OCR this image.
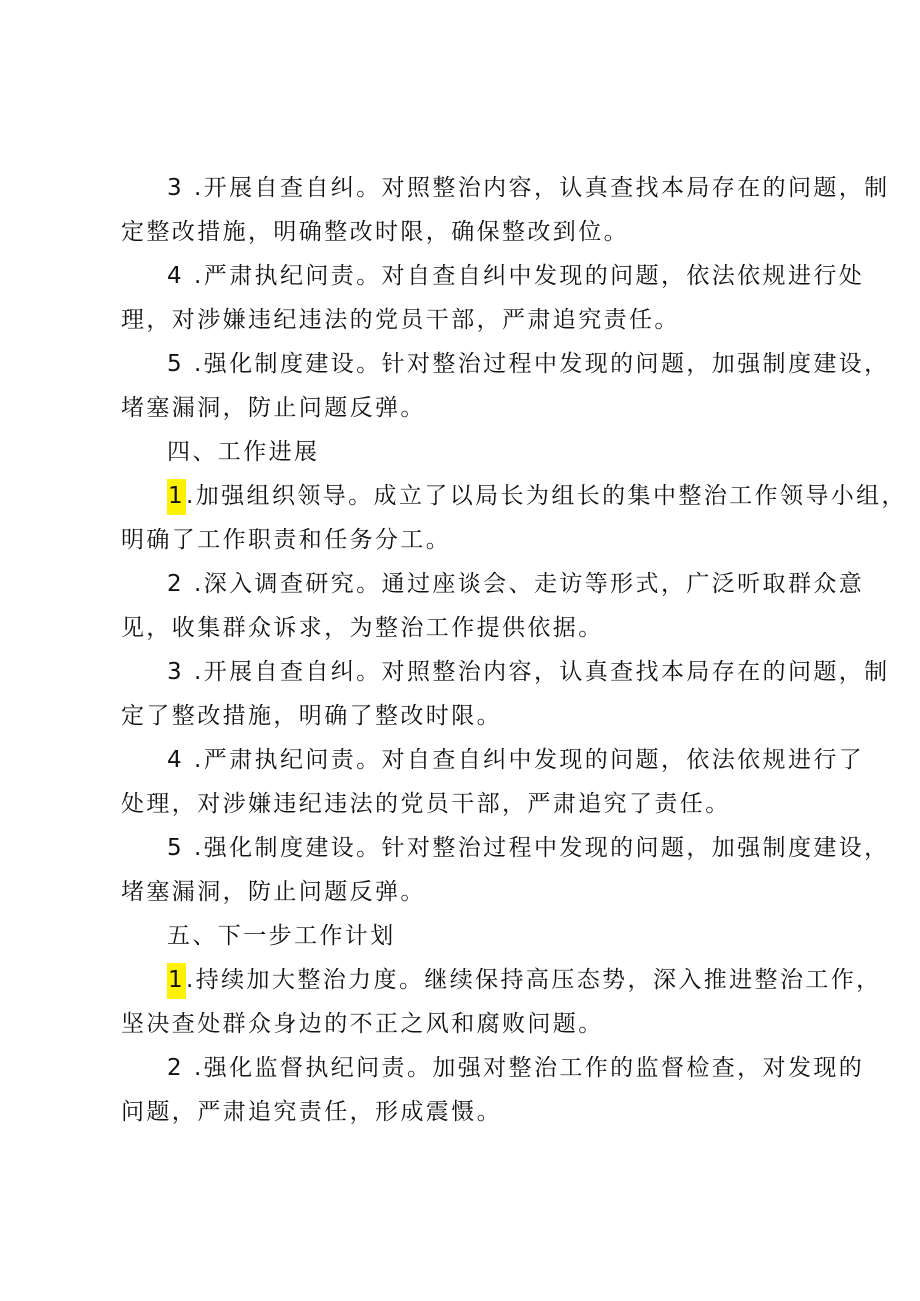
3 .开展自查自纠。对照整治内容，认真查找本局存在的问题，制
定整改措施，明确整改时限，确保整改到位。
4 .严肃执纪问责。对自查自纠中发现的问题，依法依规进行处
理，对涉嫌违纪违法的党员干部，严肃追究责任。
5 .强化制度建设。针对整治过程中发现的问题，加强制度建设，
堵塞漏洞，防止问题反弹。
四、工作进展
1.加强组织领导。成立了以局长为组长的集中整治工作领导小组，
明确了工作职责和任务分工。
2 .深入调查研究。通过座谈会、走访等形式，广泛听取群众意
见，收集群众诉求，为整治工作提供依据。
3 .开展自查自纠。对照整治内容，认真查找本局存在的问题，制
定了整改措施，明确了整改时限。
4 .严肃执纪问责。对自查自纠中发现的问题，依法依规进行了
处理，对涉嫌违纪违法的党员干部，严肃追究了责任。
5 .强化制度建设。针对整治过程中发现的问题，加强制度建设，
堵塞漏洞，防止问题反弹。
五、下一步工作计划
1.持续加大整治力度。继续保持高压态势，深入推进整治工作，
坚决查处群众身边的不正之风和腐败问题。
2 .强化监督执纪问责。加强对整治工作的监督检查，对发现的
问题，严肃追究责任，形成震慑。
